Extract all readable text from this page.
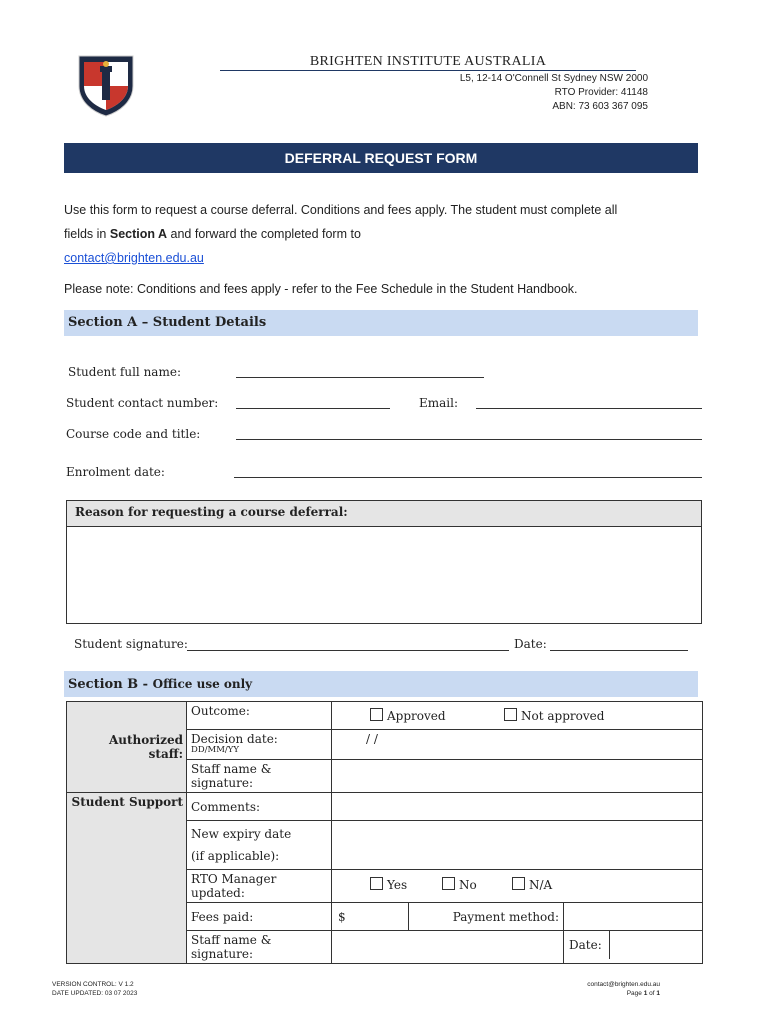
BRIGHTEN INSTITUTE AUSTRALIA
L5, 12-14 O'Connell St Sydney NSW 2000
RTO Provider: 41148
ABN: 73 603 367 095
DEFERRAL REQUEST FORM
Use this form to request a course deferral. Conditions and fees apply. The student must complete all
fields in Section A and forward the completed form to
contact@brighten.edu.au
Please note: Conditions and fees apply - refer to the Fee Schedule in the Student Handbook.
Section A – Student Details
Student full name:
Student contact number:	Email:
Course code and title:
Enrolment date:
Reason for requesting a course deferral:
Student signature:	Date:
Section B - Office use only
Authorized staff:	Outcome:	Approved Not approved		

	Decision date:
DD/MM/YY	/ /		
	Staff name & signature:			
Student Support	Comments:			

	New expiry date
(if applicable):			

	RTO Manager updated:	Yes No N/A		
	Fees paid:	$	Payment method:	
	Staff name & signature:			Date:
VERSION CONTROL: V 1.2
DATE UPDATED: 03 07 2023
contact@brighten.edu.au
Page 1 of 1
